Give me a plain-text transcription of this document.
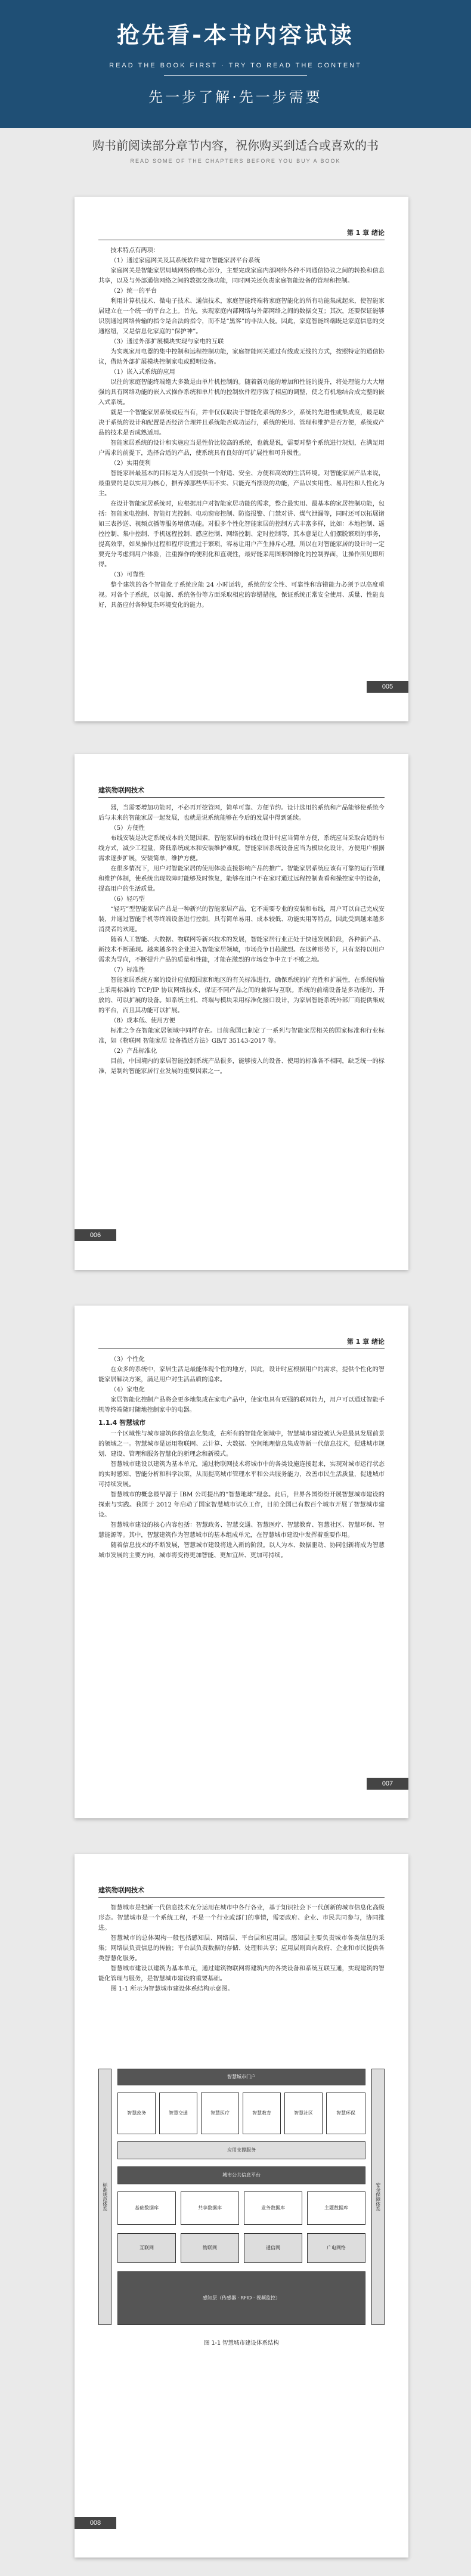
抢先看-本书内容试读
READ THE BOOK FIRST · TRY TO READ THE CONTENT
先一步了解·先一步需要
购书前阅读部分章节内容，祝你购买到适合或喜欢的书
READ SOME OF THE CHAPTERS BEFORE YOU BUY A BOOK
第 1 章 绪论

技术特点有两项：

（1）通过家庭网关及其系统软件建立智能家居平台系统

家庭网关是智能家居局域网络的核心部分，主要完成家庭内部网络各种不同通信协议之间的转换和信息共享，以及与外部通信网络之间的数据交换功能，同时网关还负责家庭智能设备的管理和控制。

（2）统一的平台

利用计算机技术、微电子技术、通信技术，家庭智能终端将家庭智能化的所有功能集成起来，使智能家居建立在一个统一的平台之上。首先，实现家庭内部网络与外部网络之间的数据交互；其次，还要保证能够识别通过网络传输的指令是合法的指令，而不是“黑客”的非法入侵。因此，家庭智能终端既是家庭信息的交通枢纽，又是信息化家庭的“保护神”。

（3）通过外部扩展模块实现与家电的互联

为实现家用电器的集中控制和远程控制功能，家庭智能网关通过有线或无线的方式，按照特定的通信协议，借助外部扩展模块控制家电或照明设备。

（1）嵌入式系统的应用

以往的家庭智能终端绝大多数是由单片机控制的。随着新功能的增加和性能的提升，将处理能力大大增强的具有网络功能的嵌入式操作系统和单片机的控制软件程序做了相应的调整，使之有机地结合成完整的嵌入式系统。

就是一个智能家居系统或应当有，并非仅仅取决于智能化系统的多少，系统的先进性或集成度，最是取决于系统的设计和配置是否经济合理并且系统能否成功运行，系统的使用、管理和维护是否方便，系统或产品的技术是否成熟适用。

智能家居系统的设计和实施应当是性价比较高的系统，也就是说，需要对整个系统进行规划，在满足用户需求的前提下，选择合适的产品，使系统具有良好的可扩展性和可升级性。

（2）实用便利

智能家居最基本的目标是为人们提供一个舒适、安全、方便和高效的生活环境。对智能家居产品来说，最重要的是以实用为核心，摒弃掉那些华而不实、只能充当摆设的功能，产品以实用性、易用性和人性化为主。

在设计智能家居系统时，应根据用户对智能家居功能的需求，整合最实用、最基本的家居控制功能，包括：智能家电控制、智能灯光控制、电动窗帘控制、防盗报警、门禁对讲、煤气泄漏等，同时还可以拓展诸如三表抄送、视频点播等服务增值功能。对很多个性化智能家居的控制方式丰富多样，比如：本地控制、遥控控制、集中控制、手机远程控制、感应控制、网络控制、定时控制等，其本意是让人们摆脱繁琐的事务，提高效率，如果操作过程和程序设置过于繁琐，容易让用户产生排斥心理。所以在对智能家居的设计时一定要充分考虑到用户体验，注重操作的便利化和直观性，最好能采用图形图像化的控制界面，让操作所见即所得。

（3）可靠性

整个建筑的各个智能化子系统应能 24 小时运转，系统的安全性、可靠性和容错能力必须予以高度重视。对各个子系统，以电源、系统备份等方面采取相应的容错措施，保证系统正常安全使用、质量、性能良好，具备应付各种复杂环境变化的能力。

005
建筑物联网技术

器，当需要增加功能时，不必再开挖管网，简单可靠、方便节约。设计选用的系统和产品能够使系统今后与未来的智能家居一起发展，也就是说系统能够在今后的发展中得到延续。

（5）方便性

布线安装是决定系统成本的关键因素，智能家居的布线在设计时应当简单方便，系统应当采取合适的布线方式，减少工程量，降低系统成本和安装维护难度。智能家居系统设备应当为模块化设计，方便用户根据需求逐步扩展，安装简单，维护方便。

在很多情况下，用户对智能家居的使用体验直接影响产品的推广。智能家居系统应该有可靠的运行管理和维护体制，使系统出现故障时能够及时恢复，能够在用户不在家时通过远程控制查看和操控家中的设备，提高用户的生活质量。

（6）轻巧型

“轻巧”型智能家居产品是一种新兴的智能家居产品，它不需要专业的安装和布线，用户可以自己完成安装，并通过智能手机等终端设备进行控制，具有简单易用、成本较低、功能实用等特点，因此受到越来越多消费者的欢迎。

随着人工智能、大数据、物联网等新兴技术的发展，智能家居行业正处于快速发展阶段，各种新产品、新技术不断涌现。越来越多的企业进入智能家居领域，市场竞争日趋激烈。在这种形势下，只有坚持以用户需求为导向，不断提升产品的质量和性能，才能在激烈的市场竞争中立于不败之地。

（7）标准性

智能家居系统方案的设计应依照国家和地区的有关标准进行，确保系统的扩充性和扩展性，在系统传输上采用标准的 TCP/IP 协议网络技术，保证不同产品之间的兼容与互联。系统的前端设备是多功能的、开放的、可以扩展的设备。如系统主机、终端与模块采用标准化接口设计，为家居智能系统外部厂商提供集成的平台，而且其功能可以扩展。

（8）成本低、使用方便

标准之争在智能家居领域中同样存在。目前我国已制定了一系列与智能家居相关的国家标准和行业标准，如《物联网 智能家居 设备描述方法》GB/T 35143-2017 等。

（2）产品标准化

目前，中国境内的家居智能控制系统产品很多，能够接入的设备、使用的标准各不相同，缺乏统一的标准，是制约智能家居行业发展的重要因素之一。

006
第 1 章 绪论

（3）个性化

在众多的系统中，家居生活是最能体现个性的地方，因此，设计时应根据用户的需求，提供个性化的智能家居解决方案，满足用户对生活品质的追求。

（4）家电化

家居智能化控制产品将会更多地集成在家电产品中，使家电具有更强的联网能力，用户可以通过智能手机等终端随时随地控制家中的电器。

1.1.4 智慧城市

一个区域性与城市建筑体的信息化集成，在所有的智能化领域中，智慧城市建设被认为是最具发展前景的领域之一。智慧城市是运用物联网、云计算、大数据、空间地理信息集成等新一代信息技术，促进城市规划、建设、管理和服务智慧化的新理念和新模式。

智慧城市建设以建筑为基本单元，通过物联网技术将城市中的各类设施连接起来，实现对城市运行状态的实时感知、智能分析和科学决策，从而提高城市管理水平和公共服务能力，改善市民生活质量，促进城市可持续发展。

智慧城市的概念最早源于 IBM 公司提出的“智慧地球”理念。此后，世界各国纷纷开展智慧城市建设的探索与实践。我国于 2012 年启动了国家智慧城市试点工作，目前全国已有数百个城市开展了智慧城市建设。

智慧城市建设的核心内容包括：智慧政务、智慧交通、智慧医疗、智慧教育、智慧社区、智慧环保、智慧能源等。其中，智慧建筑作为智慧城市的基本组成单元，在智慧城市建设中发挥着重要作用。

随着信息技术的不断发展，智慧城市建设将进入新的阶段。以人为本、数据驱动、协同创新将成为智慧城市发展的主要方向，城市将变得更加智能、更加宜居、更加可持续。

007
建筑物联网技术

智慧城市是把新一代信息技术充分运用在城市中各行各业，基于知识社会下一代创新的城市信息化高级形态。智慧城市是一个系统工程，不是一个行业或部门的事情，需要政府、企业、市民共同参与，协同推进。

智慧城市的总体架构一般包括感知层、网络层、平台层和应用层。感知层主要负责城市各类信息的采集；网络层负责信息的传输；平台层负责数据的存储、处理和共享；应用层则面向政府、企业和市民提供各类智慧化服务。

智慧城市建设以建筑为基本单元，通过建筑物联网将建筑内的各类设备和系统互联互通，实现建筑的智能化管理与服务，是智慧城市建设的重要基础。

图 1-1 所示为智慧城市建设体系结构示意图。

标准规范体系	安全保障体系
智慧城市门户
智慧政务	智慧交通	智慧医疗	智慧教育	智慧社区	智慧环保
应用支撑服务
城市公共信息平台
基础数据库	共享数据库	业务数据库	主题数据库
互联网	物联网	通信网	广电网络
感知层（传感器 · RFID · 视频监控）
图 1-1 智慧城市建设体系结构
008
